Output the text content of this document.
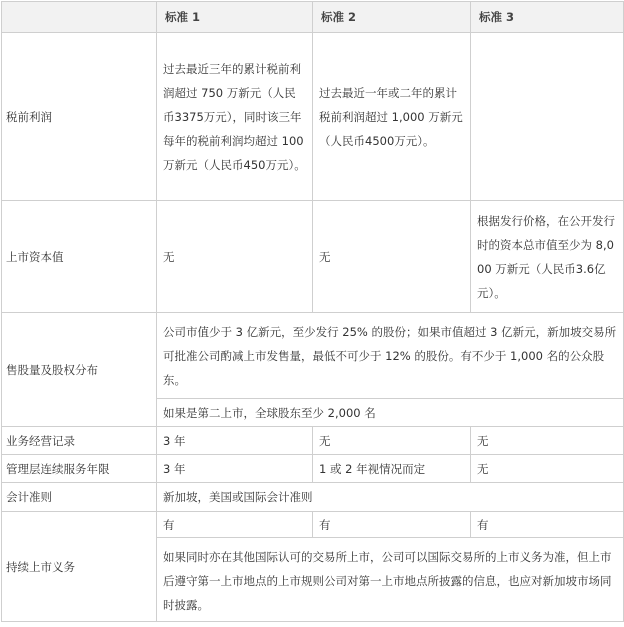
	标准 1	标准 2	标准 3
税前利润	过去最近三年的累计税前利润超过 750 万新元（人民币3375万元），同时该三年每年的税前利润均超过 100 万新元（人民币450万元）。	过去最近一年或二年的累计税前利润超过 1,000 万新元（人民币4500万元）。	
上市资本值	无	无	根据发行价格，在公开发行时的资本总市值至少为 8,000 万新元（人民币3.6亿元）。
售股量及股权分布	公司市值少于 3 亿新元，至少发行 25% 的股份；如果市值超过 3 亿新元，新加坡交易所可批准公司酌减上市发售量，最低不可少于 12% 的股份。有不少于 1,000 名的公众股东。		
	如果是第二上市，全球股东至少 2,000 名		
业务经营记录	3 年	无	无
管理层连续服务年限	3 年	1 或 2 年视情况而定	无
会计准则	新加坡，美国或国际会计准则		
持续上市义务	有	有	有
	如果同时亦在其他国际认可的交易所上市，公司可以国际交易所的上市义务为准，但上市后遵守第一上市地点的上市规则公司对第一上市地点所披露的信息，也应对新加坡市场同时披露。		
